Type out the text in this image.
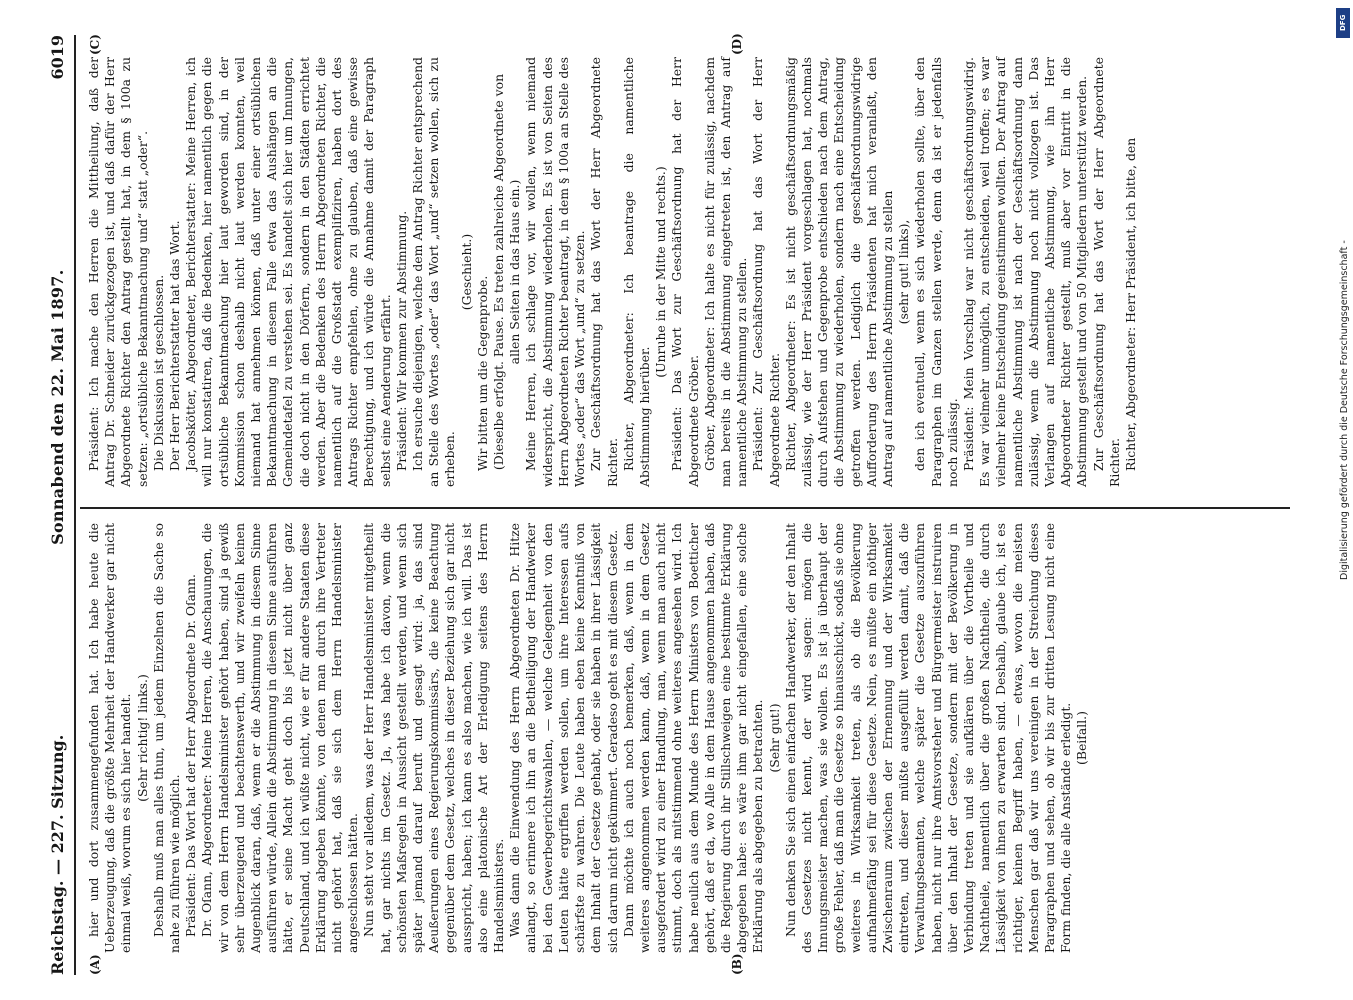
Reichstag. — 227. Sitzung.
Sonnabend den 22. Mai 1897.
6019
(A)	(B)
(C)	(D)

hier und dort zusammengefunden hat. Ich habe heute die Ueberzeugung, daß die größte Mehrheit der Handwerker gar nicht einmal weiß, worum es sich hier handelt. (Sehr richtig! links.) Deshalb muß man alles thun, um jedem Einzelnen die Sache so nahe zu führen wie möglich. Präsident: Das Wort hat der Herr Abgeordnete Dr. Oſann. Dr. Oſann, Abgeordneter: Meine Herren, die Anschauungen, die wir von dem Herrn Handelsminister gehört haben, sind ja gewiß sehr überzeugend und beachtenswerth, und wir zweifeln keinen Augenblick daran, daß, wenn er die Abstimmung in diesem Sinne ausführen würde, Allein die Abstimmung in diesem Sinne ausführen hätte, er seine Macht geht doch bis jetzt nicht über ganz Deutschland, und ich wüßte nicht, wie er für andere Staaten diese Erklärung abgeben könnte, von denen man durch ihre Vertreter nicht gehört hat, daß sie sich dem Herrn Handelsminister angeschlossen hätten. Nun steht vor alledem, was der Herr Handelsminister mitgetheilt hat, gar nichts im Gesetz. Ja, was habe ich davon, wenn die schönsten Maßregeln in Aussicht gestellt werden, und wenn sich später jemand darauf beruft und gesagt wird: ja, das sind Aeußerungen eines Regierungskommissärs, die keine Beachtung gegenüber dem Gesetz, welches in dieser Beziehung sich gar nicht ausspricht, haben; ich kann es also machen, wie ich will. Das ist also eine platonische Art der Erledigung seitens des Herrn Handelsministers. Was dann die Einwendung des Herrn Abgeordneten Dr. Hitze anlangt, so erinnere ich ihn an die Betheiligung der Handwerker bei den Gewerbegerichtswahlen, — welche Gelegenheit von den Leuten hätte ergriffen werden sollen, um ihre Interessen aufs schärfste zu wahren. Die Leute haben eben keine Kenntniß von dem Inhalt der Gesetze gehabt, oder sie haben in ihrer Lässigkeit sich darum nicht gekümmert. Geradeso geht es mit diesem Gesetz. Dann möchte ich auch noch bemerken, daß, wenn in dem weiteres angenommen werden kann, daß, wenn in dem Gesetz ausgefordert wird zu einer Handlung, man, wenn man auch nicht stimmt, doch als mitstimmend ohne weiteres angesehen wird. Ich habe neulich aus dem Munde des Herrn Ministers von Boetticher gehört, daß er da, wo Alle in dem Hause angenommen haben, daß die Regierung durch ihr Stillschweigen eine bestimmte Erklärung abgegeben habe: es wäre ihm gar nicht eingefallen, eine solche Erklärung als abgegeben zu betrachten. (Sehr gut!) Nun denken Sie sich einen einfachen Handwerker, der den Inhalt des Gesetzes nicht kennt, der wird sagen: mögen die Innungsmeister machen, was sie wollen. Es ist ja überhaupt der große Fehler, daß man die Gesetze so hinausschickt, sodaß sie ohne weiteres in Wirksamkeit treten, als ob die Bevölkerung aufnahmefähig sei für diese Gesetze. Nein, es müßte ein nöthiger Zwischenraum zwischen der Ernennung und der Wirksamkeit eintreten, und dieser müßte ausgefüllt werden damit, daß die Verwaltungsbeamten, welche später die Gesetze auszuführen haben, nicht nur ihre Amtsvorsteher und Bürgermeister instruiren über den Inhalt der Gesetze, sondern mit der Bevölkerung in Verbindung treten und sie aufklären über die Vortheile und Nachtheile, namentlich über die großen Nachtheile, die durch Lässigkeit von ihnen zu erwarten sind. Deshalb, glaube ich, ist es richtiger, keinen Begriff haben, — etwas, wovon die meisten Menschen gar daß wir uns vereinigen in der Streichung dieses Paragraphen und sehen, ob wir bis zur dritten Lesung nicht eine Form finden, die alle Anstände erledigt. (Beifall.)

Präsident: Ich mache den Herren die Mittheilung, daß der Antrag Dr. Schneider zurückgezogen ist, und daß dafür der Herr Abgeordnete Richter den Antrag gestellt hat, in dem § 100a zu setzen: „ortsübliche Bekanntmachung und“ statt „oder“. Die Diskussion ist geschlossen. Der Herr Berichterstatter hat das Wort. Jacobskötter, Abgeordneter, Berichterstatter: Meine Herren, ich will nur konstatiren, daß die Bedenken, hier namentlich gegen die ortsübliche Bekanntmachung hier laut geworden sind, in der Kommission schon deshalb nicht laut werden konnten, weil niemand hat annehmen können, daß unter einer ortsüblichen Bekanntmachung in diesem Falle etwa das Aushängen an die Gemeindetafel zu verstehen sei. Es handelt sich hier um Innungen, die doch nicht in den Dörfern, sondern in den Städten errichtet werden. Aber die Bedenken des Herrn Abgeordneten Richter, die namentlich auf die Großstadt exemplifiziren, haben dort des Antrags Richter empfehlen, ohne zu glauben, daß eine gewisse Berechtigung, und ich würde die Annahme damit der Paragraph selbst eine Aenderung erfährt. Präsident: Wir kommen zur Abstimmung. Ich ersuche diejenigen, welche dem Antrag Richter entsprechend an Stelle des Wortes „oder“ das Wort „und“ setzen wollen, sich zu erheben.

(Geschieht.)

Wir bitten um die Gegenprobe. (Dieselbe erfolgt. Pause. Es treten zahlreiche Abgeordnete von allen Seiten in das Haus ein.) Meine Herren, ich schlage vor, wir wollen, wenn niemand widerspricht, die Abstimmung wiederholen. Es ist von Seiten des Herrn Abgeordneten Richter beantragt, in dem § 100a an Stelle des Wortes „oder“ das Wort „und“ zu setzen. Zur Geschäftsordnung hat das Wort der Herr Abgeordnete Richter. Richter, Abgeordneter: Ich beantrage die namentliche Abstimmung hierüber.

(Unruhe in der Mitte und rechts.) Präsident: Das Wort zur Geschäftsordnung hat der Herr Abgeordnete Gröber. Gröber, Abgeordneter: Ich halte es nicht für zulässig, nachdem man bereits in die Abstimmung eingetreten ist, den Antrag auf namentliche Abstimmung zu stellen. Präsident: Zur Geschäftsordnung hat das Wort der Herr Abgeordnete Richter. Richter, Abgeordneter: Es ist nicht geschäftsordnungsmäßig zulässig, wie der Herr Präsident vorgeschlagen hat, nochmals durch Aufstehen und Gegenprobe entschieden nach dem Antrag, die Abstimmung zu wiederholen, sondern nach eine Entscheidung getroffen werden. Lediglich die geschäftsordnungswidrige Aufforderung des Herrn Präsidenten hat mich veranlaßt, den Antrag auf namentliche Abstimmung zu stellen (sehr gut! links), den ich eventuell, wenn es sich wiederholen sollte, über den Paragraphen im Ganzen stellen werde, denn da ist er jedenfalls noch zulässig. Präsident: Mein Vorschlag war nicht geschäftsordnungswidrig. Es war vielmehr unmöglich, zu entscheiden, weil troffen; es war vielmehr keine Entscheidung geeinstimmen wollten. Der Antrag auf namentliche Abstimmung ist nach der Geschäftsordnung dann zulässig, wenn die Abstimmung noch nicht vollzogen ist. Das Verlangen auf namentliche Abstimmung, wie ihn Herr Abgeordneter Richter gestellt, muß aber vor Eintritt in die Abstimmung gestellt und von 50 Mitgliedern unterstützt werden. Zur Geschäftsordnung hat das Wort der Herr Abgeordnete Richter. Richter, Abgeordneter: Herr Präsident, ich bitte, den

DFG
Digitalisierung gefördert durch die Deutsche Forschungsgemeinschaft -
